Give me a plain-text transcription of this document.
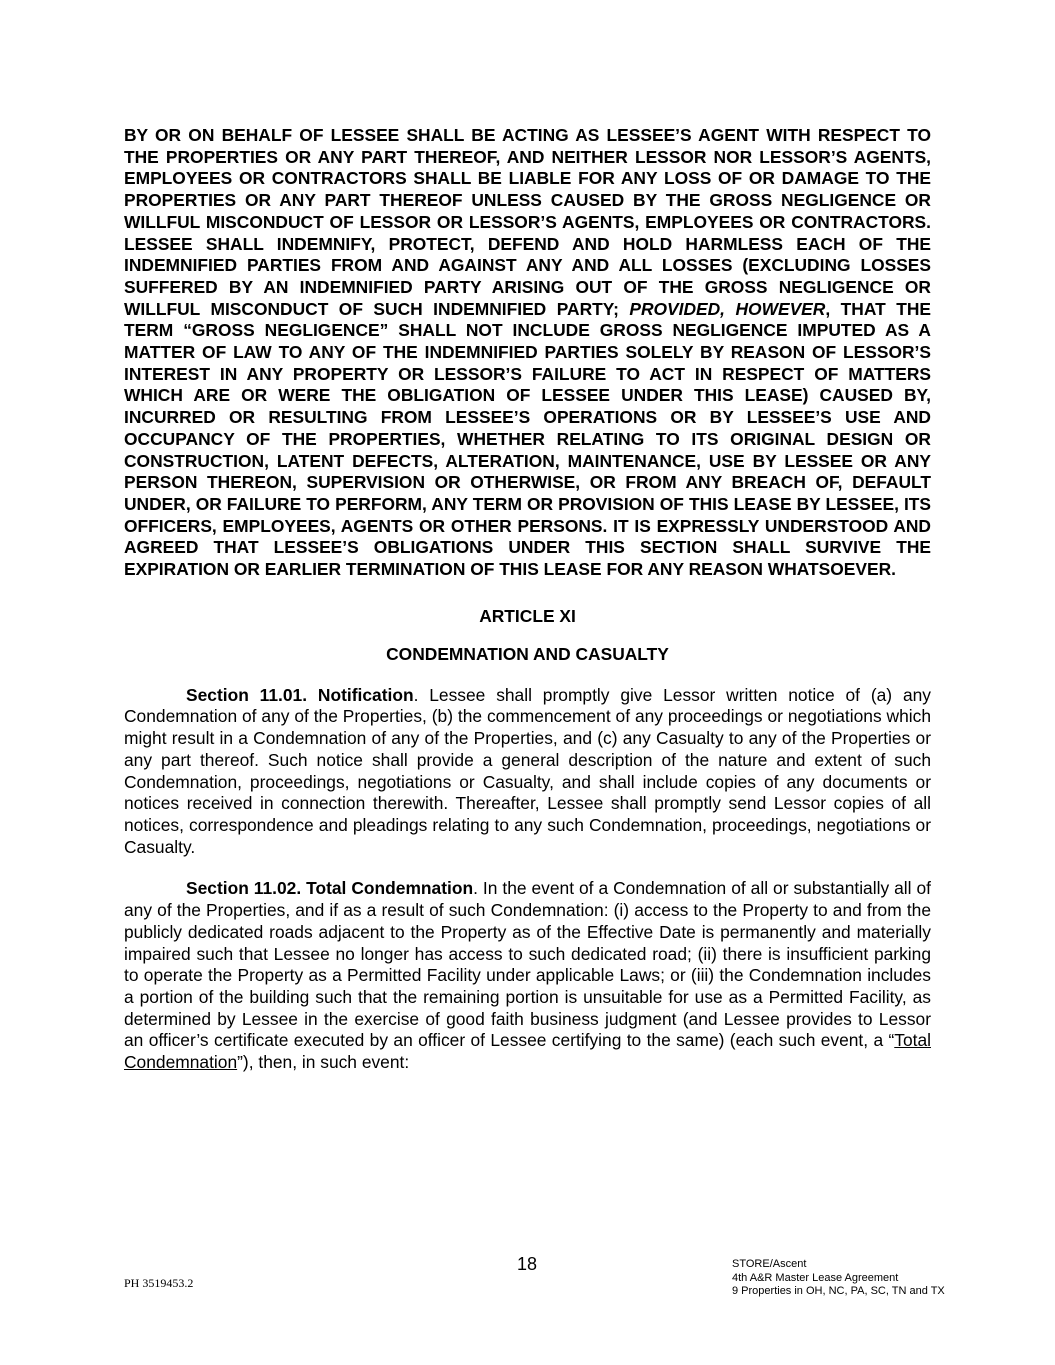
BY OR ON BEHALF OF LESSEE SHALL BE ACTING AS LESSEE’S AGENT WITH RESPECT TO THE PROPERTIES OR ANY PART THEREOF, AND NEITHER LESSOR NOR LESSOR’S AGENTS, EMPLOYEES OR CONTRACTORS SHALL BE LIABLE FOR ANY LOSS OF OR DAMAGE TO THE PROPERTIES OR ANY PART THEREOF UNLESS CAUSED BY THE GROSS NEGLIGENCE OR WILLFUL MISCONDUCT OF LESSOR OR LESSOR’S AGENTS, EMPLOYEES OR CONTRACTORS. LESSEE SHALL INDEMNIFY, PROTECT, DEFEND AND HOLD HARMLESS EACH OF THE INDEMNIFIED PARTIES FROM AND AGAINST ANY AND ALL LOSSES (EXCLUDING LOSSES SUFFERED BY AN INDEMNIFIED PARTY ARISING OUT OF THE GROSS NEGLIGENCE OR WILLFUL MISCONDUCT OF SUCH INDEMNIFIED PARTY; PROVIDED, HOWEVER, THAT THE TERM “GROSS NEGLIGENCE” SHALL NOT INCLUDE GROSS NEGLIGENCE IMPUTED AS A MATTER OF LAW TO ANY OF THE INDEMNIFIED PARTIES SOLELY BY REASON OF LESSOR’S INTEREST IN ANY PROPERTY OR LESSOR’S FAILURE TO ACT IN RESPECT OF MATTERS WHICH ARE OR WERE THE OBLIGATION OF LESSEE UNDER THIS LEASE) CAUSED BY, INCURRED OR RESULTING FROM LESSEE’S OPERATIONS OR BY LESSEE’S USE AND OCCUPANCY OF THE PROPERTIES, WHETHER RELATING TO ITS ORIGINAL DESIGN OR CONSTRUCTION, LATENT DEFECTS, ALTERATION, MAINTENANCE, USE BY LESSEE OR ANY PERSON THEREON, SUPERVISION OR OTHERWISE, OR FROM ANY BREACH OF, DEFAULT UNDER, OR FAILURE TO PERFORM, ANY TERM OR PROVISION OF THIS LEASE BY LESSEE, ITS OFFICERS, EMPLOYEES, AGENTS OR OTHER PERSONS. IT IS EXPRESSLY UNDERSTOOD AND AGREED THAT LESSEE’S OBLIGATIONS UNDER THIS SECTION SHALL SURVIVE THE EXPIRATION OR EARLIER TERMINATION OF THIS LEASE FOR ANY REASON WHATSOEVER.

ARTICLE XI
CONDEMNATION AND CASUALTY

Section 11.01. Notification. Lessee shall promptly give Lessor written notice of (a) any Condemnation of any of the Properties, (b) the commencement of any proceedings or negotiations which might result in a Condemnation of any of the Properties, and (c) any Casualty to any of the Properties or any part thereof. Such notice shall provide a general description of the nature and extent of such Condemnation, proceedings, negotiations or Casualty, and shall include copies of any documents or notices received in connection therewith. Thereafter, Lessee shall promptly send Lessor copies of all notices, correspondence and pleadings relating to any such Condemnation, proceedings, negotiations or Casualty.

Section 11.02. Total Condemnation. In the event of a Condemnation of all or substantially all of any of the Properties, and if as a result of such Condemnation: (i) access to the Property to and from the publicly dedicated roads adjacent to the Property as of the Effective Date is permanently and materially impaired such that Lessee no longer has access to such dedicated road; (ii) there is insufficient parking to operate the Property as a Permitted Facility under applicable Laws; or (iii) the Condemnation includes a portion of the building such that the remaining portion is unsuitable for use as a Permitted Facility, as determined by Lessee in the exercise of good faith business judgment (and Lessee provides to Lessor an officer’s certificate executed by an officer of Lessee certifying to the same) (each such event, a “Total Condemnation”), then, in such event:

18
PH 3519453.2
STORE/Ascent
4th A&R Master Lease Agreement
9 Properties in OH, NC, PA, SC, TN and TX
